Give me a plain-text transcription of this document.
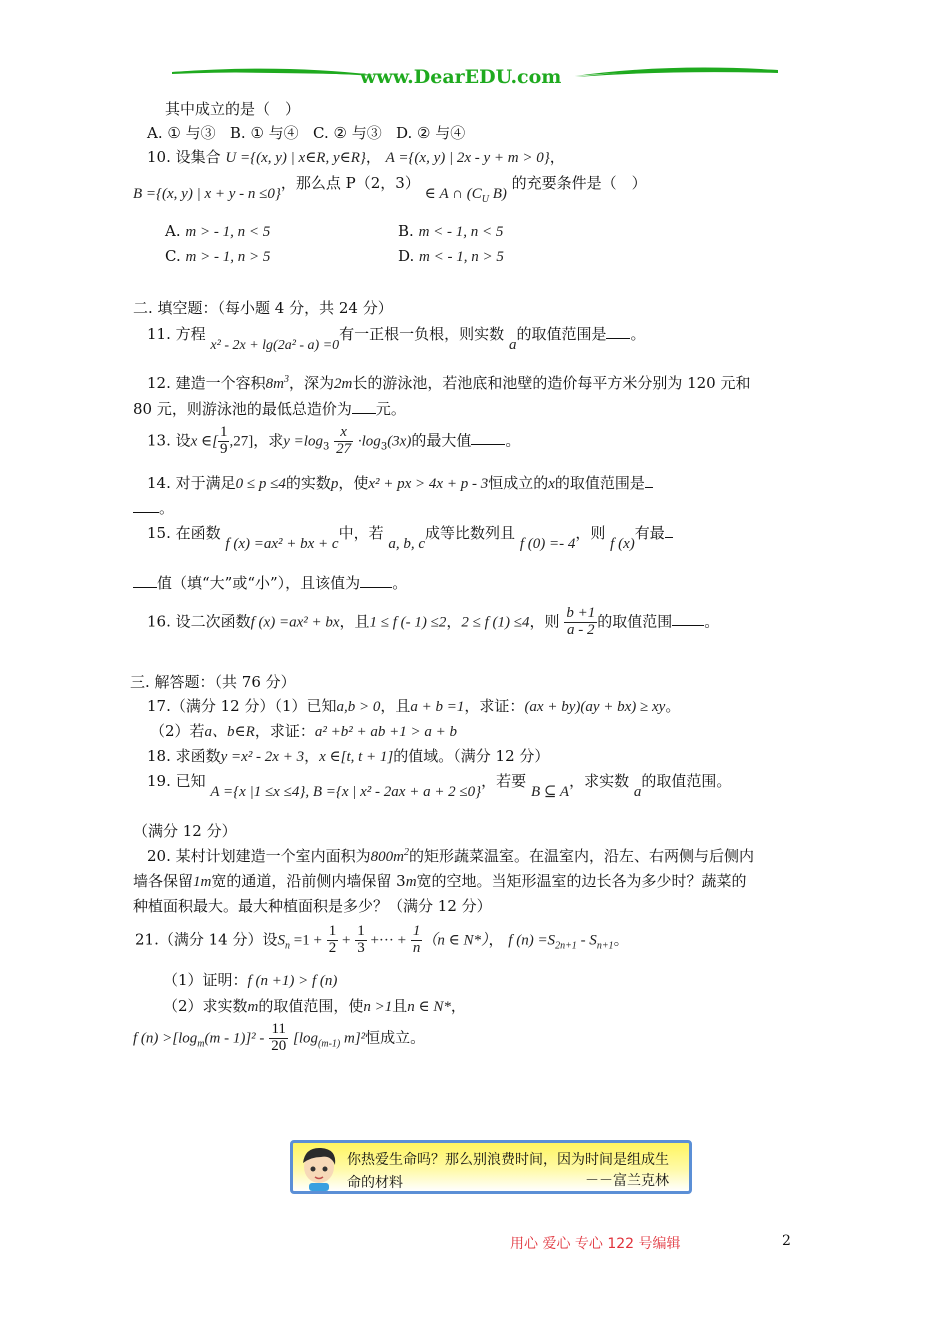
www.DearEDU.com
其中成立的是（　）
A. ① 与③ B. ① 与④ C. ② 与③ D. ② 与④
10. 设集合 U ={(x, y) | x∈R, y∈R}， A ={(x, y) | 2x - y + m > 0}，
B ={(x, y) | x + y - n ≤0}，那么点 P（2，3） ∈ A ∩ ($C_U$ B) 的充要条件是（　）
A. m > - 1, n < 5	B. m < - 1, n < 5
C. m > - 1, n > 5	D. m < - 1, n > 5
二. 填空题：（每小题 4 分，共 24 分）
11. 方程 x² - 2x + lg(2a² - a) =0有一正根一负根，则实数 a的取值范围是 。
12. 建造一个容积$8m^3$，深为2m长的游泳池，若池底和池壁的造价每平方米分别为 120 元和
80 元，则游泳池的最低总造价为 元。
13. 设x ∈[ $\frac{1}{9} ,27$]，求$y =\log_3 \frac{x}{27} \cdot\log_3(3x)$的最大值 。
14. 对于满足0 ≤ p ≤4的实数p，使x² + px > 4x + p - 3恒成立的x的取值范围是
。
15. 在函数 f (x) =ax² + bx + c中，若 a, b, c成等比数列且 f (0) =- 4，则 f (x)有最
值（填“大”或“小”），且该值为 。
16. 设二次函数f (x) =ax² + bx，且1 ≤ f (- 1) ≤2，2 ≤ f (1) ≤4，则 $\frac{b +1}{a - 2}$ 的取值范围 。
三. 解答题：（共 76 分）
17.（满分 12 分）（1）已知a,b > 0，且a + b =1，求证：(ax + by)(ay + bx) ≥ xy。
（2）若a、b∈R，求证：a² +b² + ab +1 > a + b
18. 求函数y =x² - 2x + 3，x ∈[t, t + 1]的值域。（满分 12 分）
19. 已知 A ={x |1 ≤x ≤4}, B ={x | x² - 2ax + a + 2 ≤0}，若要 B ⊆ A，求实数 a的取值范围。
（满分 12 分）
20. 某村计划建造一个室内面积为$800m^2$的矩形蔬菜温室。在温室内，沿左、右两侧与后侧内
墙各保留1m宽的通道，沿前侧内墙保留 3m宽的空地。当矩形温室的边长各为多少时？蔬菜的
种植面积最大。最大种植面积是多少？（满分 12 分）
21.（满分 14 分）设$S_n =1 + \frac{1}{2} + \frac{1}{3}$ +··· + $\frac{1}{n} (n$ ∈ N*）， f $(n) =S_{2n+1} - S_{n+1}$。
（1）证明：f (n +1) > f (n)
（2）求实数m的取值范围，使n >1且n ∈ N*，
f $(n) >[\log_m(m - 1)]^2 - \frac{11}{20} [\log_{(m-1)}$ m]²恒成立。
你热爱生命吗？那么别浪费时间，因为时间是组成生
命的材料	－－富兰克林
用心 爱心 专心 122 号编辑	2
